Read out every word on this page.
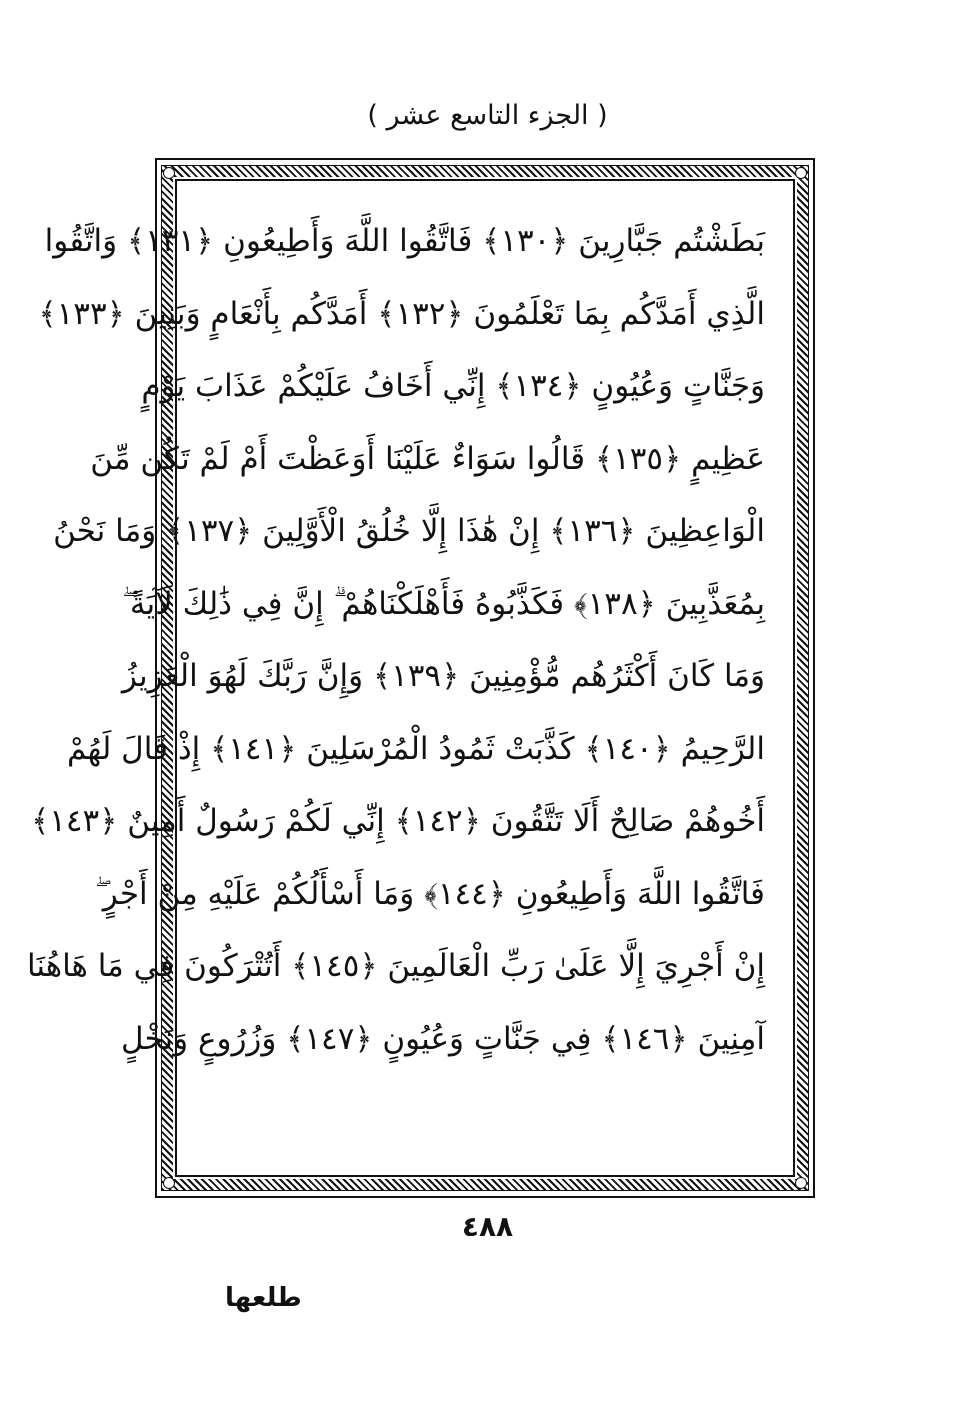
( الجزء التاسع عشر )
بَطَشْتُم جَبَّارِينَ ﴿١٣٠﴾ فَاتَّقُوا اللَّهَ وَأَطِيعُونِ ﴿١٣١﴾ وَاتَّقُوا
الَّذِي أَمَدَّكُم بِمَا تَعْلَمُونَ ﴿١٣٢﴾ أَمَدَّكُم بِأَنْعَامٍ وَبَنِينَ ﴿١٣٣﴾
وَجَنَّاتٍ وَعُيُونٍ ﴿١٣٤﴾ إِنِّي أَخَافُ عَلَيْكُمْ عَذَابَ يَوْمٍ
عَظِيمٍ ﴿١٣٥﴾ قَالُوا سَوَاءٌ عَلَيْنَا أَوَعَظْتَ أَمْ لَمْ تَكُن مِّنَ
الْوَاعِظِينَ ﴿١٣٦﴾ إِنْ هَٰذَا إِلَّا خُلُقُ الْأَوَّلِينَ ﴿١٣٧﴾ وَمَا نَحْنُ
بِمُعَذَّبِينَ ﴿١٣٨﴾ فَكَذَّبُوهُ فَأَهْلَكْنَاهُمْ ۗ إِنَّ فِي ذَٰلِكَ لَآيَةً ۖ
وَمَا كَانَ أَكْثَرُهُم مُّؤْمِنِينَ ﴿١٣٩﴾ وَإِنَّ رَبَّكَ لَهُوَ الْعَزِيزُ
الرَّحِيمُ ﴿١٤٠﴾ كَذَّبَتْ ثَمُودُ الْمُرْسَلِينَ ﴿١٤١﴾ إِذْ قَالَ لَهُمْ
أَخُوهُمْ صَالِحٌ أَلَا تَتَّقُونَ ﴿١٤٢﴾ إِنِّي لَكُمْ رَسُولٌ أَمِينٌ ﴿١٤٣﴾
فَاتَّقُوا اللَّهَ وَأَطِيعُونِ ﴿١٤٤﴾ وَمَا أَسْأَلُكُمْ عَلَيْهِ مِنْ أَجْرٍ ۖ
إِنْ أَجْرِيَ إِلَّا عَلَىٰ رَبِّ الْعَالَمِينَ ﴿١٤٥﴾ أَتُتْرَكُونَ فِي مَا هَاهُنَا
آمِنِينَ ﴿١٤٦﴾ فِي جَنَّاتٍ وَعُيُونٍ ﴿١٤٧﴾ وَزُرُوعٍ وَنَخْلٍ
٤٨٨
طلعها
